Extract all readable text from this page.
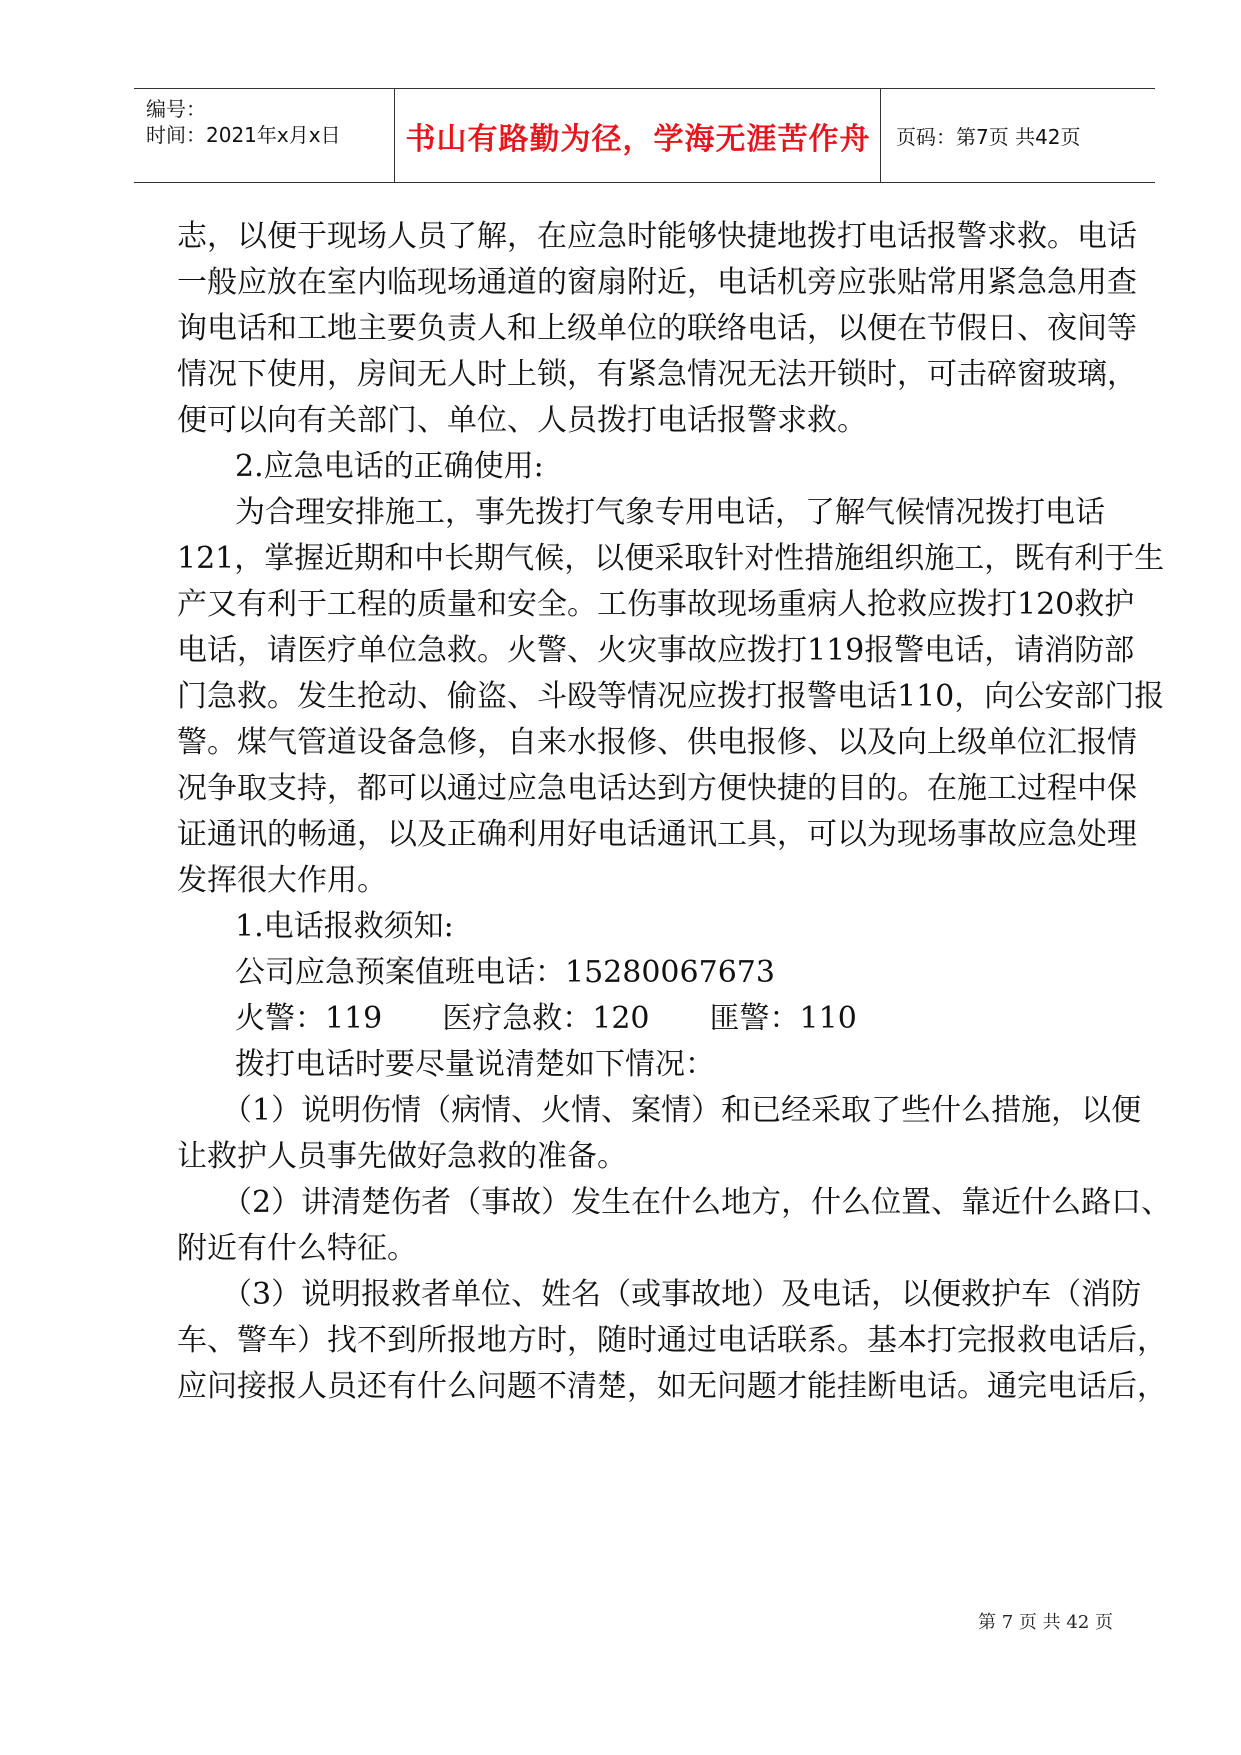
编号：
时间：2021年x月x日 书山有路勤为径，学海无涯苦作舟 页码：第7页 共42页
志，以便于现场人员了解，在应急时能够快捷地拨打电话报警求救。电话
一般应放在室内临现场通道的窗扇附近，电话机旁应张贴常用紧急急用查
询电话和工地主要负责人和上级单位的联络电话，以便在节假日、夜间等
情况下使用，房间无人时上锁，有紧急情况无法开锁时，可击碎窗玻璃，
便可以向有关部门、单位、人员拨打电话报警求救。
2.应急电话的正确使用:
为合理安排施工，事先拨打气象专用电话，了解气候情况拨打电话
121，掌握近期和中长期气候，以便采取针对性措施组织施工，既有利于生
产又有利于工程的质量和安全。工伤事故现场重病人抢救应拨打120救护
电话，请医疗单位急救。火警、火灾事故应拨打119报警电话，请消防部
门急救。发生抢动、偷盗、斗殴等情况应拨打报警电话110，向公安部门报
警。煤气管道设备急修，自来水报修、供电报修、以及向上级单位汇报情
况争取支持，都可以通过应急电话达到方便快捷的目的。在施工过程中保
证通讯的畅通，以及正确利用好电话通讯工具，可以为现场事故应急处理
发挥很大作用。
1.电话报救须知:
公司应急预案值班电话：15280067673
火警：119　　医疗急救：120　　匪警：110
拨打电话时要尽量说清楚如下情况：
（1）说明伤情（病情、火情、案情）和已经采取了些什么措施，以便
让救护人员事先做好急救的准备。
（2）讲清楚伤者（事故）发生在什么地方，什么位置、靠近什么路口、
附近有什么特征。
（3）说明报救者单位、姓名（或事故地）及电话，以便救护车（消防
车、警车）找不到所报地方时，随时通过电话联系。基本打完报救电话后，
应问接报人员还有什么问题不清楚，如无问题才能挂断电话。通完电话后，
第 7 页 共 42 页
